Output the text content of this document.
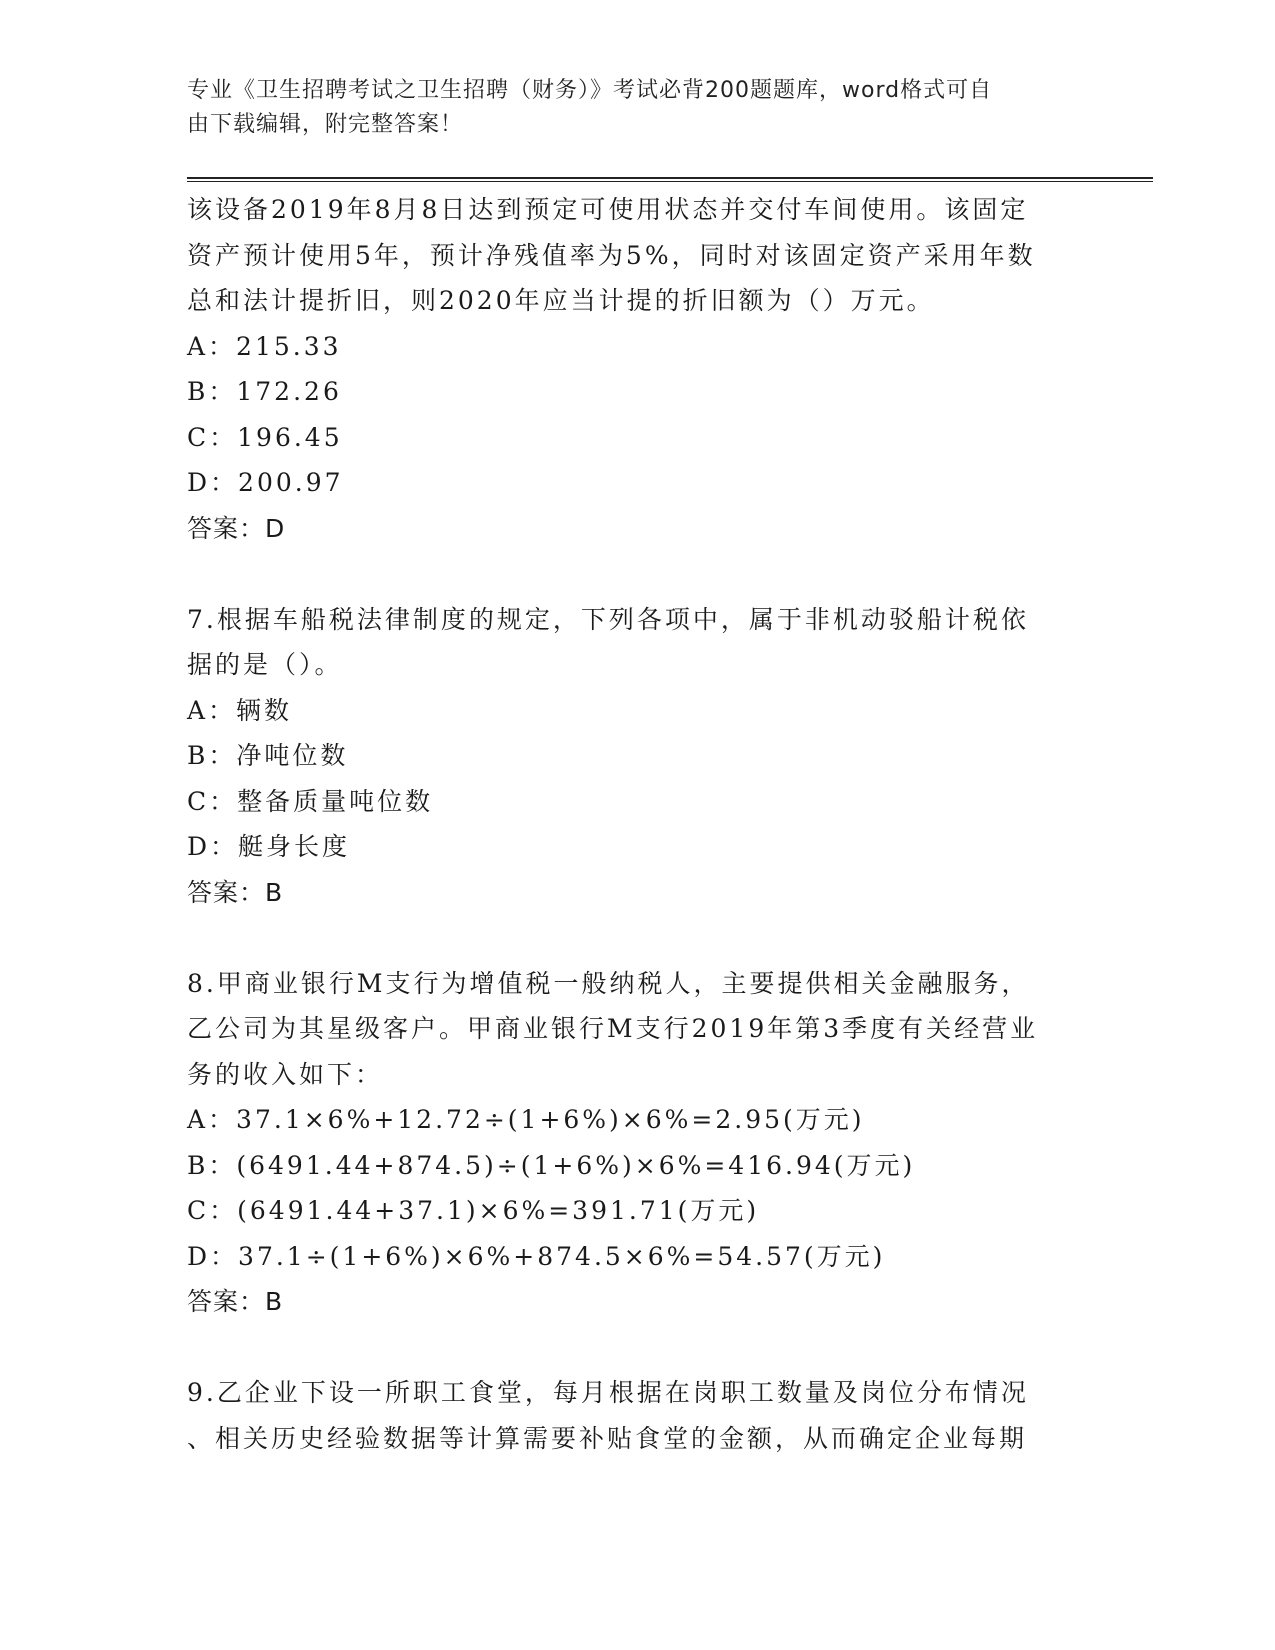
专业《卫生招聘考试之卫生招聘（财务）》考试必背200题题库，word格式可自
由下载编辑，附完整答案！
该设备2019年8月8日达到预定可使用状态并交付车间使用。该固定
资产预计使用5年，预计净残值率为5%，同时对该固定资产采用年数
总和法计提折旧，则2020年应当计提的折旧额为（）万元。
A：215.33
B：172.26
C：196.45
D：200.97
答案：D
7.根据车船税法律制度的规定，下列各项中，属于非机动驳船计税依
据的是（）。
A：辆数
B：净吨位数
C：整备质量吨位数
D：艇身长度
答案：B
8.甲商业银行M支行为增值税一般纳税人，主要提供相关金融服务，
乙公司为其星级客户。甲商业银行M支行2019年第3季度有关经营业
务的收入如下：
A：37.1×6%+12.72÷(1+6%)×6%=2.95(万元)
B：(6491.44+874.5)÷(1+6%)×6%=416.94(万元)
C：(6491.44+37.1)×6%=391.71(万元)
D：37.1÷(1+6%)×6%+874.5×6%=54.57(万元)
答案：B
9.乙企业下设一所职工食堂，每月根据在岗职工数量及岗位分布情况
、相关历史经验数据等计算需要补贴食堂的金额，从而确定企业每期
